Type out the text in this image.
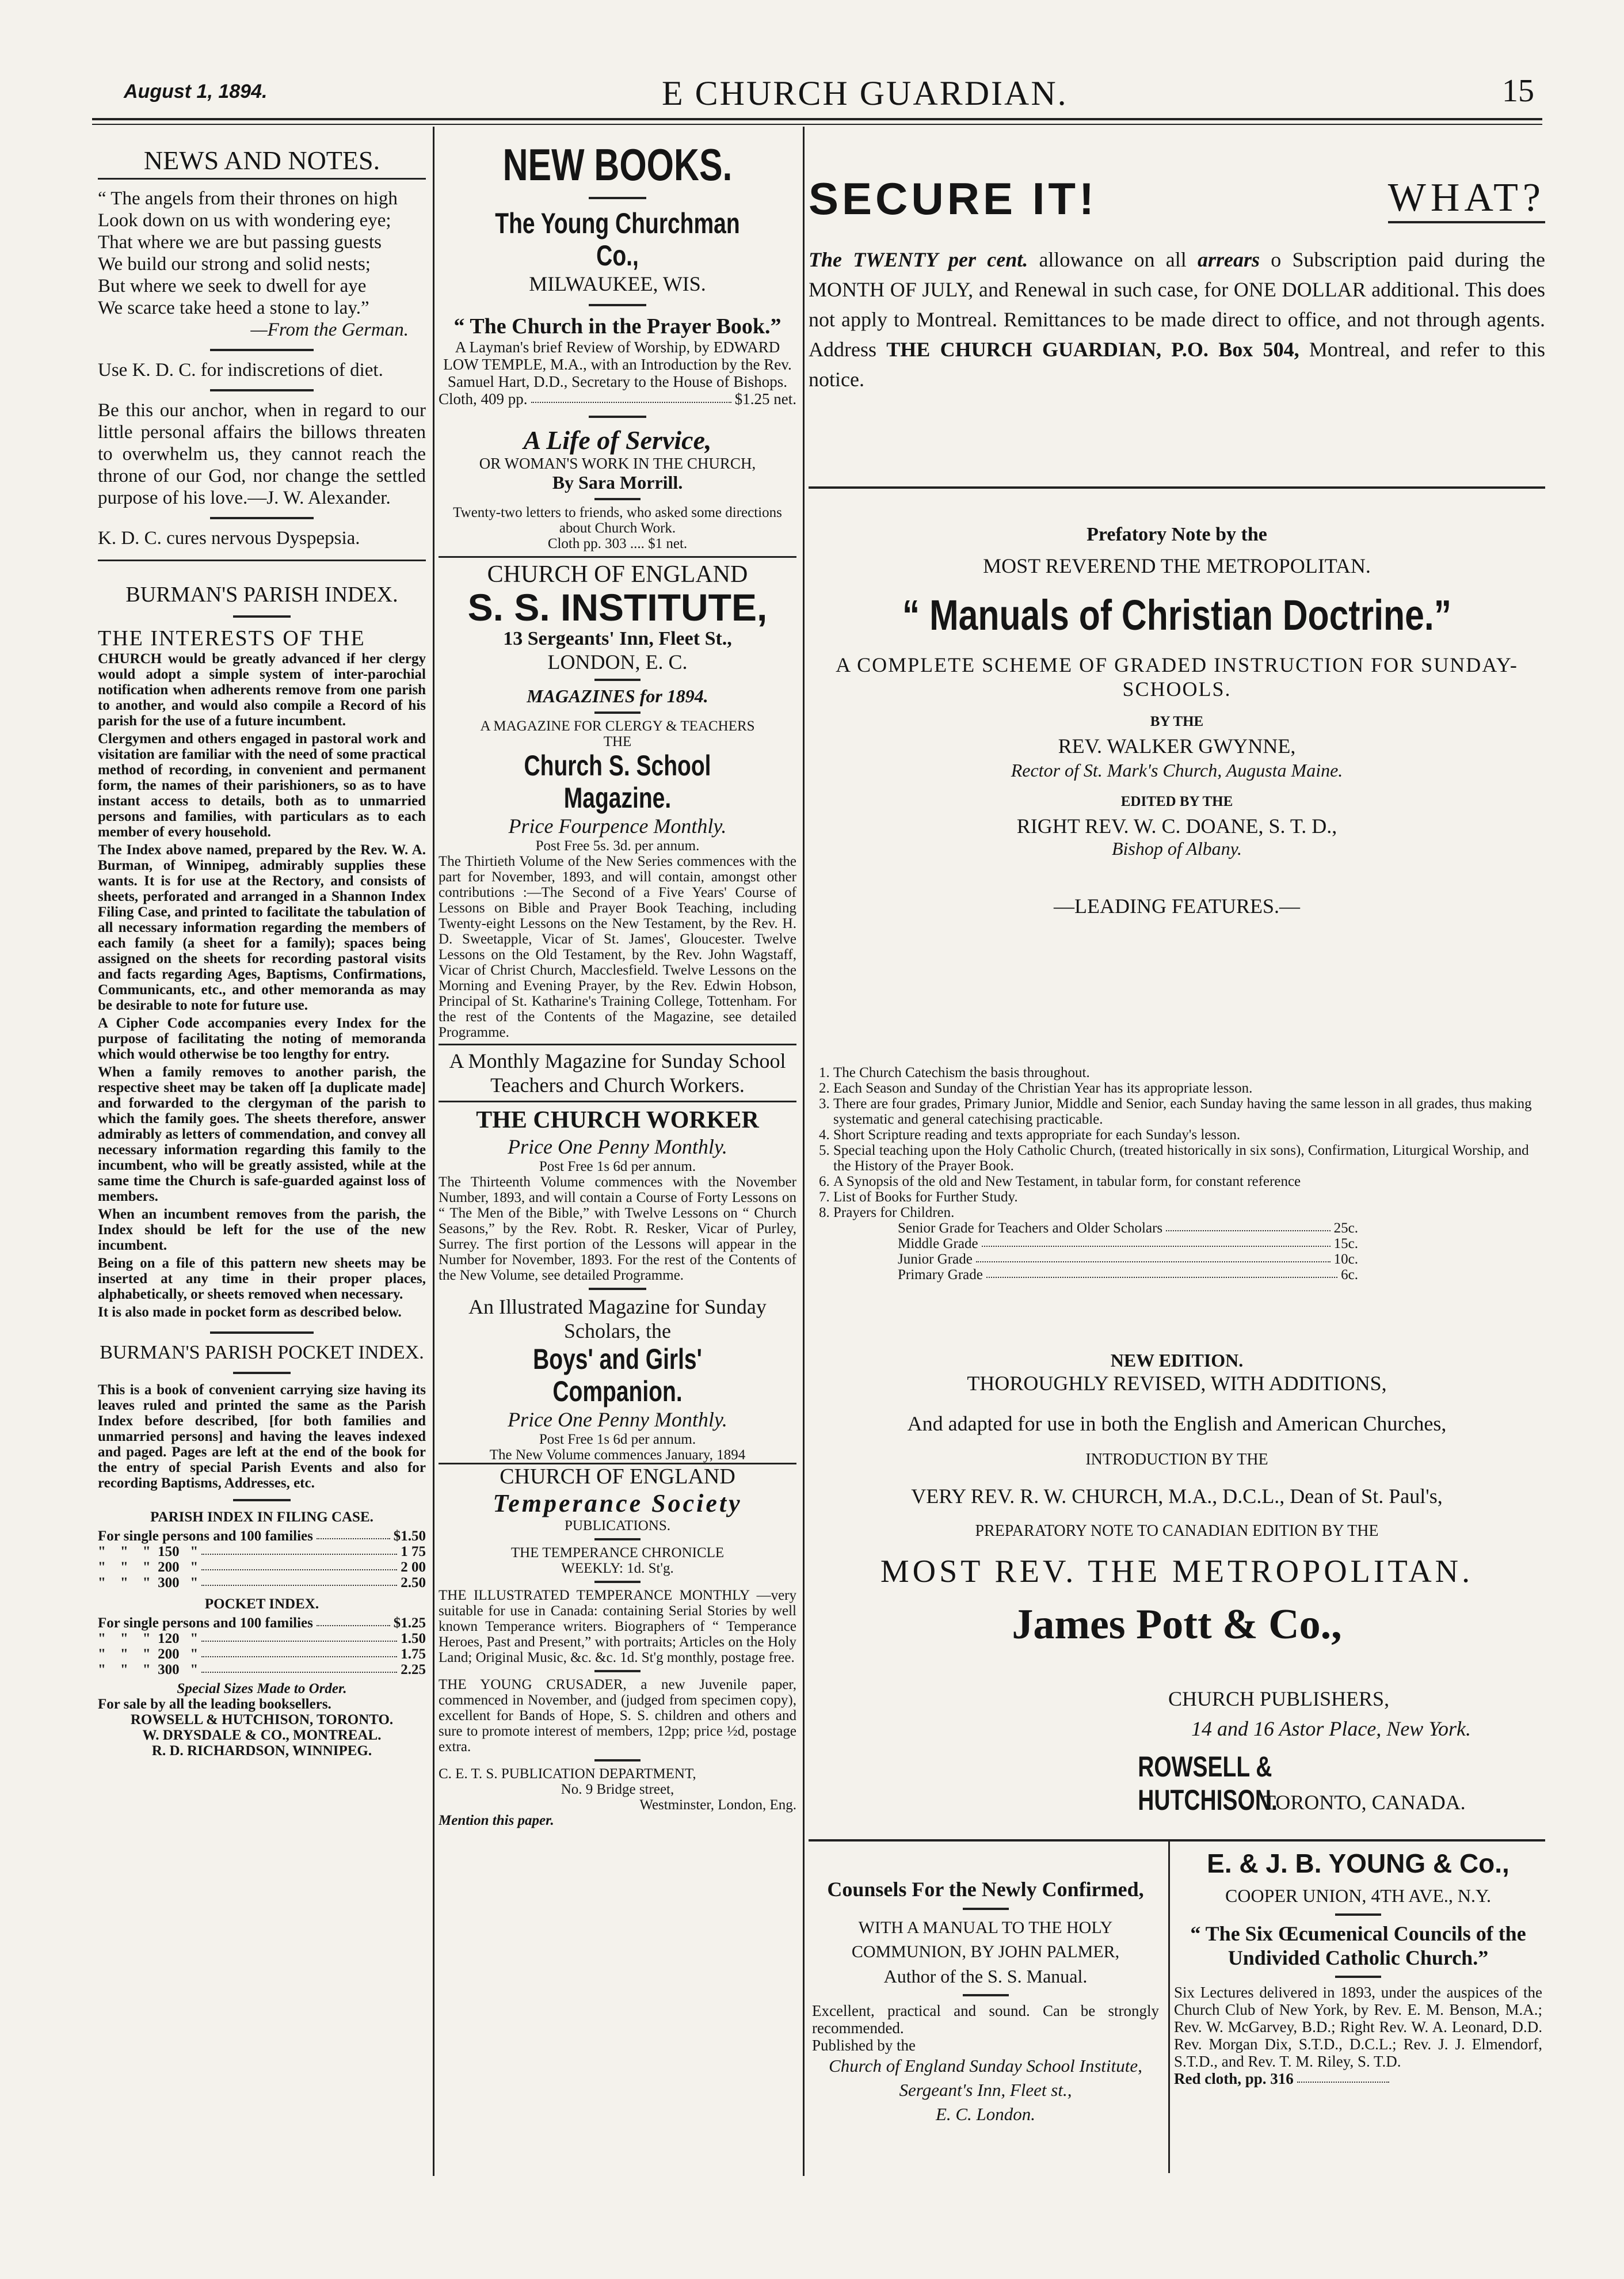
August 1, 1894.	E CHURCH GUARDIAN.	15
NEWS AND NOTES.

“ The angels from their thrones on high

Look down on us with wondering eye;

That where we are but passing guests

We build our strong and solid nests;

But where we seek to dwell for aye

We scarce take heed a stone to lay.”

—From the German.

Use K. D. C. for indiscretions of diet.

Be this our anchor, when in regard to our little personal affairs the billows threaten to overwhelm us, they cannot reach the throne of our God, nor change the settled purpose of his love.—J. W. Alexander.

K. D. C. cures nervous Dyspepsia.

BURMAN'S PARISH INDEX.
THE INTERESTS OF THE

CHURCH would be greatly advanced if her clergy would adopt a simple system of inter-parochial notification when adherents remove from one parish to another, and would also compile a Record of his parish for the use of a future incumbent.

Clergymen and others engaged in pastoral work and visitation are familiar with the need of some practical method of recording, in convenient and permanent form, the names of their parishioners, so as to have instant access to details, both as to unmarried persons and families, with particulars as to each member of every household.

The Index above named, prepared by the Rev. W. A. Burman, of Winnipeg, admirably supplies these wants. It is for use at the Rectory, and consists of sheets, perforated and arranged in a Shannon Index Filing Case, and printed to facilitate the tabulation of all necessary information regarding the members of each family (a sheet for a family); spaces being assigned on the sheets for recording pastoral visits and facts regarding Ages, Baptisms, Confirmations, Communicants, etc., and other memoranda as may be desirable to note for future use.

A Cipher Code accompanies every Index for the purpose of facilitating the noting of memoranda which would otherwise be too lengthy for entry.

When a family removes to another parish, the respective sheet may be taken off [a duplicate made] and forwarded to the clergyman of the parish to which the family goes. The sheets therefore, answer admirably as letters of commendation, and convey all necessary information regarding this family to the incumbent, who will be greatly assisted, while at the same time the Church is safe-guarded against loss of members.

When an incumbent removes from the parish, the Index should be left for the use of the new incumbent.

Being on a file of this pattern new sheets may be inserted at any time in their proper places, alphabetically, or sheets removed when necessary.

It is also made in pocket form as described below.

BURMAN'S PARISH POCKET INDEX.

This is a book of convenient carrying size having its leaves ruled and printed the same as the Parish Index before described, [for both families and unmarried persons] and having the leaves indexed and paged. Pages are left at the end of the book for the entry of special Parish Events and also for recording Baptisms, Addresses, etc.

PARISH INDEX IN FILING CASE.
For single persons and 100 families	$1.50
"    "    "  150   "	1 75
"    "    "  200   "	2 00
"    "    "  300   "	2.50
POCKET INDEX.
For single persons and 100 families	$1.25
"    "    "  120   "	1.50
"    "    "  200   "	1.75
"    "    "  300   "	2.25
Special Sizes Made to Order.
For sale by all the leading booksellers.
ROWSELL & HUTCHISON, TORONTO.
W. DRYSDALE & CO., MONTREAL.
R. D. RICHARDSON, WINNIPEG.
NEW BOOKS.
The Young Churchman Co.,
MILWAUKEE, WIS.
“ The Church in the Prayer Book.”

A Layman's brief Review of Worship, by EDWARD LOW TEMPLE, M.A., with an Introduction by the Rev. Samuel Hart, D.D., Secretary to the House of Bishops.

Cloth, 409 pp.	$1.25 net.
A Life of Service,
OR WOMAN'S WORK IN THE CHURCH,
By Sara Morrill.

Twenty-two letters to friends, who asked some directions about Church Work.

Cloth pp. 303 .... $1 net.
CHURCH OF ENGLAND
S. S. INSTITUTE,
13 Sergeants' Inn, Fleet St.,
LONDON, E. C.
MAGAZINES for 1894.
A MAGAZINE FOR CLERGY & TEACHERS
THE
Church S. School Magazine.
Price Fourpence Monthly.
Post Free 5s. 3d. per annum.

The Thirtieth Volume of the New Series commences with the part for November, 1893, and will contain, amongst other contributions :—The Second of a Five Years' Course of Lessons on Bible and Prayer Book Teaching, including Twenty-eight Lessons on the New Testament, by the Rev. H. D. Sweetapple, Vicar of St. James', Gloucester. Twelve Lessons on the Old Testament, by the Rev. John Wagstaff, Vicar of Christ Church, Macclesfield. Twelve Lessons on the Morning and Evening Prayer, by the Rev. Edwin Hobson, Principal of St. Katharine's Training College, Tottenham. For the rest of the Contents of the Magazine, see detailed Programme.

A Monthly Magazine for Sunday School Teachers and Church Workers.

THE CHURCH WORKER
Price One Penny Monthly.
Post Free 1s 6d per annum.

The Thirteenth Volume commences with the November Number, 1893, and will contain a Course of Forty Lessons on “ The Men of the Bible,” with Twelve Lessons on “ Church Seasons,” by the Rev. Robt. R. Resker, Vicar of Purley, Surrey. The first portion of the Lessons will appear in the Number for November, 1893. For the rest of the Contents of the New Volume, see detailed Programme.

An Illustrated Magazine for Sunday Scholars, the

Boys' and Girls' Companion.
Price One Penny Monthly.
Post Free 1s 6d per annum.
The New Volume commences January, 1894
CHURCH OF ENGLAND
Temperance Society
PUBLICATIONS.
THE TEMPERANCE CHRONICLE
WEEKLY: 1d. St'g.

THE ILLUSTRATED TEMPERANCE MONTHLY —very suitable for use in Canada: containing Serial Stories by well known Temperance writers. Biographers of “ Temperance Heroes, Past and Present,” with portraits; Articles on the Holy Land; Original Music, &c. &c. 1d. St'g monthly, postage free.

THE YOUNG CRUSADER, a new Juvenile paper, commenced in November, and (judged from specimen copy), excellent for Bands of Hope, S. S. children and others and sure to promote interest of members, 12pp; price ½d, postage extra.

C. E. T. S. PUBLICATION DEPARTMENT,
No. 9 Bridge street,
Westminster, London, Eng.
Mention this paper.
SECURE IT!	WHAT?

The TWENTY per cent. allowance on all arrears o Subscription paid during the MONTH OF JULY, and Renewal in such case, for ONE DOLLAR additional. This does not apply to Montreal. Remittances to be made direct to office, and not through agents. Address THE CHURCH GUARDIAN, P.O. Box 504, Montreal, and refer to this notice.

Prefatory Note by the
MOST REVEREND THE METROPOLITAN.
“ Manuals of Christian Doctrine.”
A COMPLETE SCHEME OF GRADED INSTRUCTION FOR SUNDAY-SCHOOLS.
BY THE
REV. WALKER GWYNNE,
Rector of St. Mark's Church, Augusta Maine.
EDITED BY THE
RIGHT REV. W. C. DOANE, S. T. D.,
Bishop of Albany.
—LEADING FEATURES.—
1. The Church Catechism the basis throughout.
2. Each Season and Sunday of the Christian Year has its appropriate lesson.
3. There are four grades, Primary Junior, Middle and Senior, each Sunday having the same lesson in all grades, thus making systematic and general catechising practicable.
4. Short Scripture reading and texts appropriate for each Sunday's lesson.
5. Special teaching upon the Holy Catholic Church, (treated historically in six sons), Confirmation, Liturgical Worship, and the History of the Prayer Book.
6. A Synopsis of the old and New Testament, in tabular form, for constant reference
7. List of Books for Further Study.
8. Prayers for Children.
Senior Grade for Teachers and Older Scholars	25c.
Middle Grade	15c.
Junior Grade	10c.
Primary Grade	6c.
NEW EDITION.
THOROUGHLY REVISED, WITH ADDITIONS,
And adapted for use in both the English and American Churches,
INTRODUCTION BY THE
VERY REV. R. W. CHURCH, M.A., D.C.L., Dean of St. Paul's,
PREPARATORY NOTE TO CANADIAN EDITION BY THE
MOST REV. THE METROPOLITAN.
James Pott & Co.,
CHURCH PUBLISHERS,
14 and 16 Astor Place, New York.
ROWSELL & HUTCHISON.
TORONTO, CANADA.
Counsels For the Newly Confirmed,
WITH A MANUAL TO THE HOLY COMMUNION, BY JOHN PALMER,
Author of the S. S. Manual.

Excellent, practical and sound. Can be strongly recommended.

Published by the
Church of England Sunday School Institute, Sergeant's Inn, Fleet st.,
E. C. London.
E. & J. B. YOUNG & Co.,
COOPER UNION, 4TH AVE., N.Y.
“ The Six Œcumenical Councils of the Undivided Catholic Church.”

Six Lectures delivered in 1893, under the auspices of the Church Club of New York, by Rev. E. M. Benson, M.A.; Rev. W. McGarvey, B.D.; Right Rev. W. A. Leonard, D.D. Rev. Morgan Dix, S.T.D., D.C.L.; Rev. J. J. Elmendorf, S.T.D., and Rev. T. M. Riley, S. T.D.

Red cloth, pp. 316
